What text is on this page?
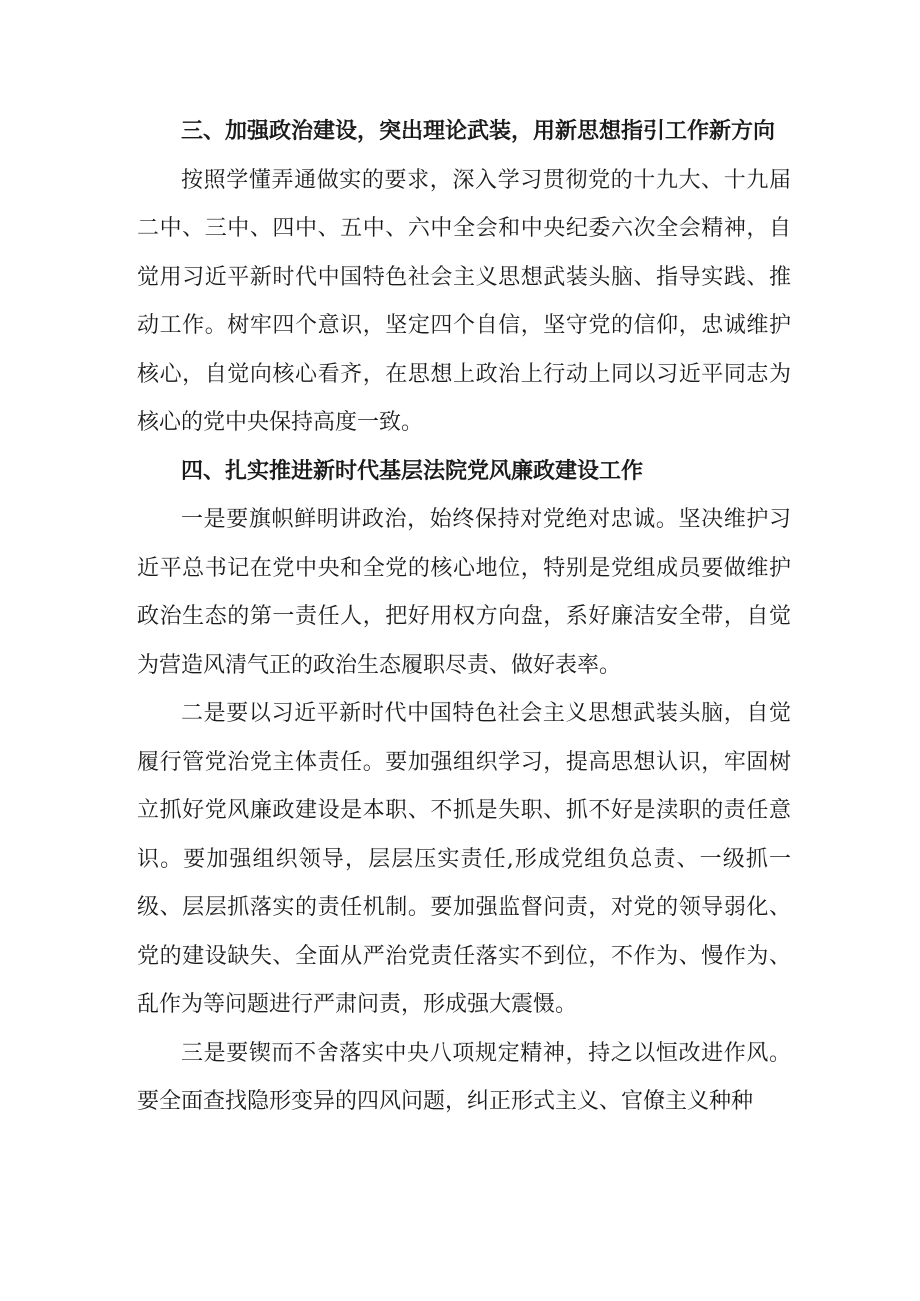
三、加强政治建设，突出理论武装，用新思想指引工作新方向

按照学懂弄通做实的要求，深入学习贯彻党的十九大、十九届二中、三中、四中、五中、六中全会和中央纪委六次全会精神，自觉用习近平新时代中国特色社会主义思想武装头脑、指导实践、推动工作。树牢四个意识，坚定四个自信，坚守党的信仰，忠诚维护核心，自觉向核心看齐，在思想上政治上行动上同以习近平同志为核心的党中央保持高度一致。

四、扎实推进新时代基层法院党风廉政建设工作

一是要旗帜鲜明讲政治，始终保持对党绝对忠诚。坚决维护习近平总书记在党中央和全党的核心地位，特别是党组成员要做维护政治生态的第一责任人，把好用权方向盘，系好廉洁安全带，自觉为营造风清气正的政治生态履职尽责、做好表率。

二是要以习近平新时代中国特色社会主义思想武装头脑，自觉履行管党治党主体责任。要加强组织学习，提高思想认识，牢固树立抓好党风廉政建设是本职、不抓是失职、抓不好是渎职的责任意识。要加强组织领导，层层压实责任,形成党组负总责、一级抓一级、层层抓落实的责任机制。要加强监督问责，对党的领导弱化、党的建设缺失、全面从严治党责任落实不到位，不作为、慢作为、乱作为等问题进行严肃问责，形成强大震慑。

三是要锲而不舍落实中央八项规定精神，持之以恒改进作风。要全面查找隐形变异的四风问题，纠正形式主义、官僚主义种种
